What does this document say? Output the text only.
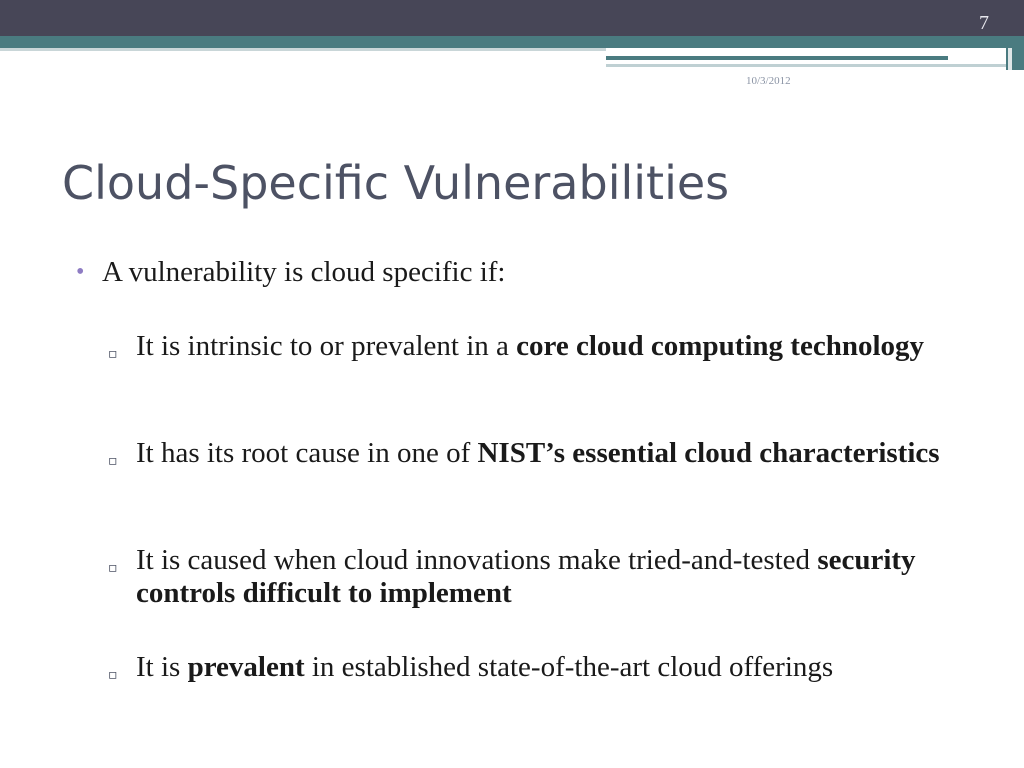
7
10/3/2012
Cloud-Specific Vulnerabilities
• A vulnerability is cloud specific if:
▫ It is intrinsic to or prevalent in a core cloud computing technology
▫ It has its root cause in one of NIST’s essential cloud characteristics
▫ It is caused when cloud innovations make tried-and-tested security controls difficult to implement
▫ It is prevalent in established state-of-the-art cloud offerings
